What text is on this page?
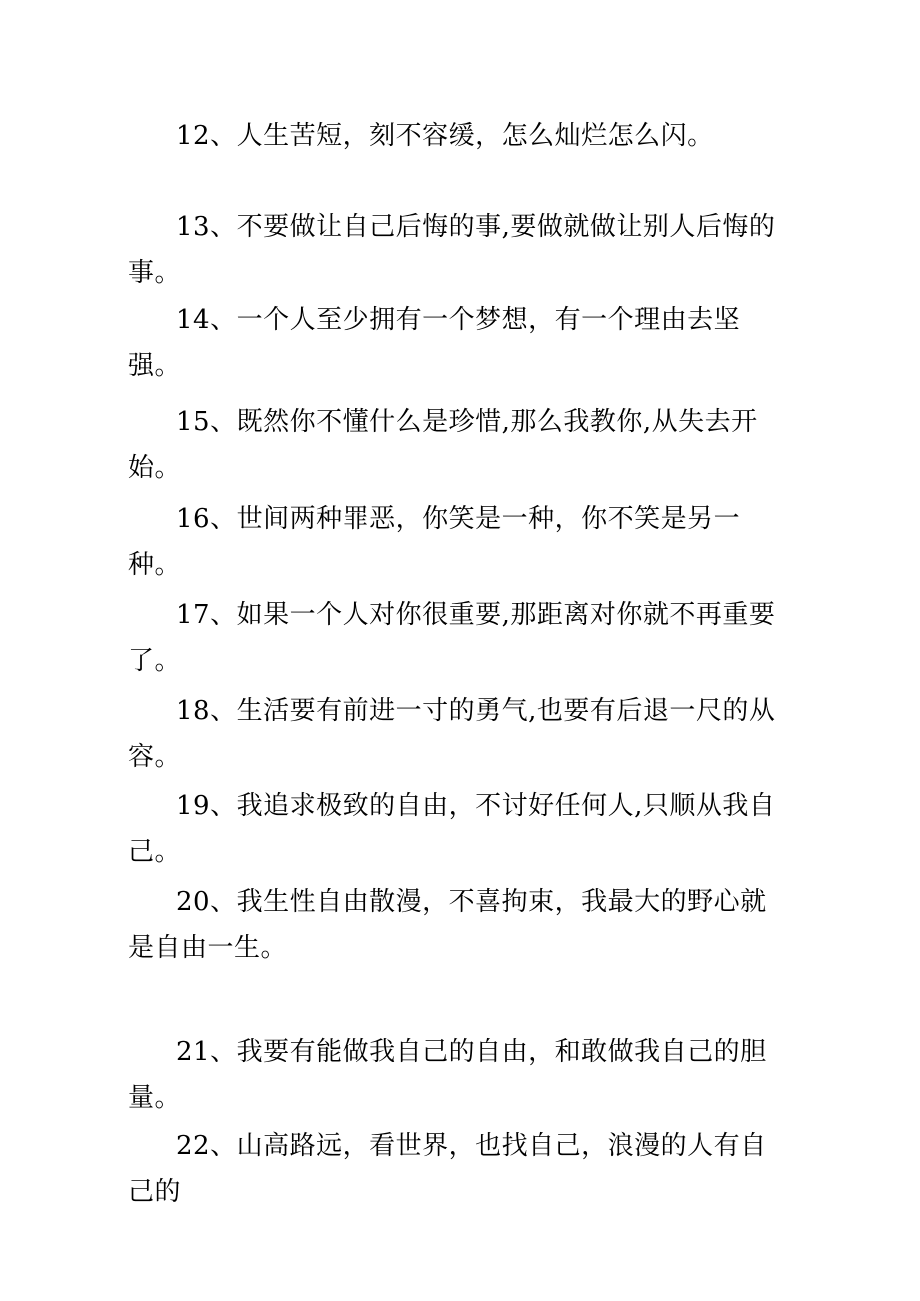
12、人生苦短，刻不容缓，怎么灿烂怎么闪。

13、不要做让自己后悔的事,要做就做让别人后悔的事。

14、一个人至少拥有一个梦想，有一个理由去坚强。

15、既然你不懂什么是珍惜,那么我教你,从失去开始。

16、世间两种罪恶，你笑是一种，你不笑是另一种。

17、如果一个人对你很重要,那距离对你就不再重要了。

18、生活要有前进一寸的勇气,也要有后退一尺的从容。

19、我追求极致的自由，不讨好任何人,只顺从我自己。

20、我生性自由散漫，不喜拘束，我最大的野心就是自由一生。

21、我要有能做我自己的自由，和敢做我自己的胆量。

22、山高路远，看世界，也找自己，浪漫的人有自己的
